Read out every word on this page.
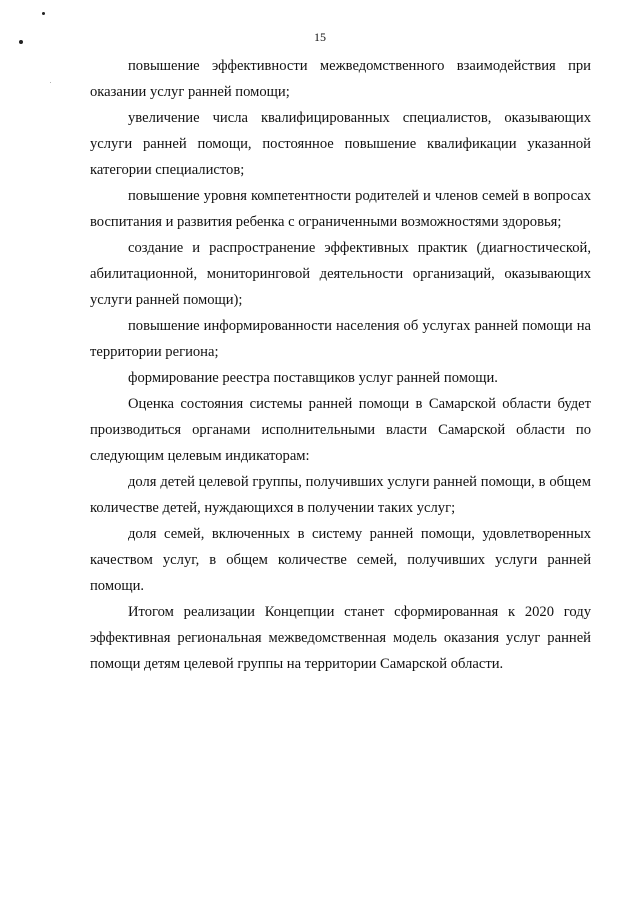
15

повышение эффективности межведомственного взаимодействия при оказании услуг ранней помощи;

увеличение числа квалифицированных специалистов, оказывающих услуги ранней помощи, постоянное повышение квалификации указанной категории специалистов;

повышение уровня компетентности родителей и членов семей в вопросах воспитания и развития ребенка с ограниченными возможностями здоровья;

создание и распространение эффективных практик (диагностической, абилитационной, мониторинговой деятельности организаций, оказывающих услуги ранней помощи);

повышение информированности населения об услугах ранней помощи на территории региона;

формирование реестра поставщиков услуг ранней помощи.

Оценка состояния системы ранней помощи в Самарской области будет производиться органами исполнительными власти Самарской области по следующим целевым индикаторам:

доля детей целевой группы, получивших услуги ранней помощи, в общем количестве детей, нуждающихся в получении таких услуг;

доля семей, включенных в систему ранней помощи, удовлетворенных качеством услуг, в общем количестве семей, получивших услуги ранней помощи.

Итогом реализации Концепции станет сформированная к 2020 году эффективная региональная межведомственная модель оказания услуг ранней помощи детям целевой группы на территории Самарской области.
